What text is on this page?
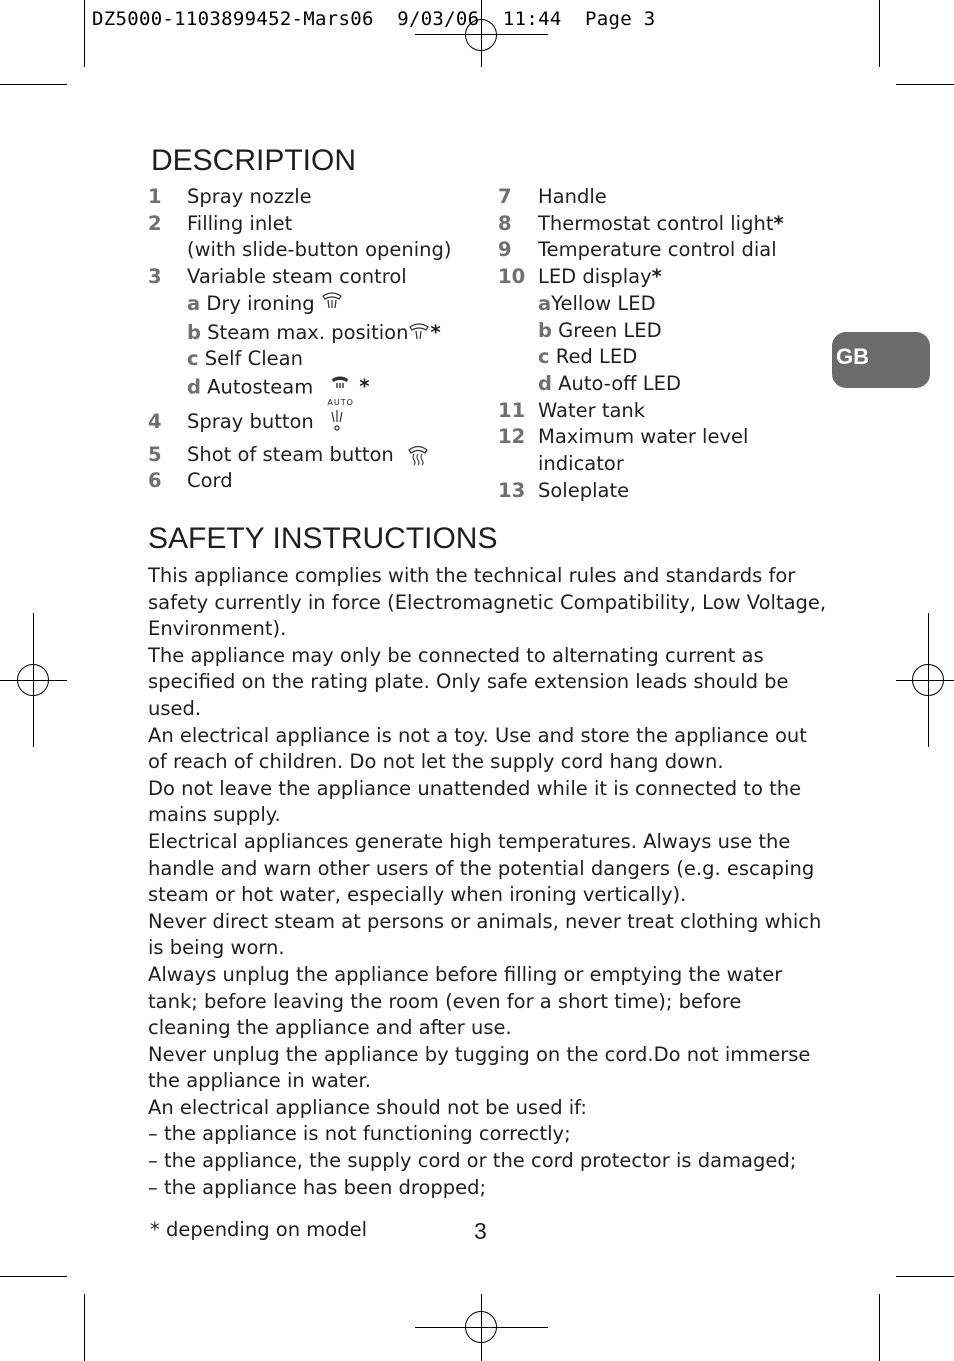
DZ5000-1103899452-Mars06  9/03/06  11:44  Page 3
DESCRIPTION
1 Spray nozzle
2 Filling inlet
(with slide-button opening)
3 Variable steam control
a Dry ironing
b Steam max. position *
c Self Clean
d Autosteam
AUTO
*
4 Spray button
5 Shot of steam button
6 Cord
7 Handle
8 Thermostat control light*
9 Temperature control dial
10 LED display*
aYellow LED
b Green LED
c Red LED
d Auto-off LED
11 Water tank
12 Maximum water level
indicator
13 Soleplate
GB
SAFETY INSTRUCTIONS

This appliance complies with the technical rules and standards for safety currently in force (Electromagnetic Compatibility, Low Voltage, Environment).

The appliance may only be connected to alternating current as specified on the rating plate. Only safe extension leads should be used.

An electrical appliance is not a toy. Use and store the appliance out of reach of children. Do not let the supply cord hang down.

Do not leave the appliance unattended while it is connected to the mains supply.

Electrical appliances generate high temperatures. Always use the handle and warn other users of the potential dangers (e.g. escaping steam or hot water, especially when ironing vertically).

Never direct steam at persons or animals, never treat clothing which is being worn.

Always unplug the appliance before filling or emptying the water tank; before leaving the room (even for a short time); before cleaning the appliance and after use.

Never unplug the appliance by tugging on the cord.Do not immerse the appliance in water.

An electrical appliance should not be used if:

– the appliance is not functioning correctly;

– the appliance, the supply cord or the cord protector is damaged;

– the appliance has been dropped;

* depending on model	3
